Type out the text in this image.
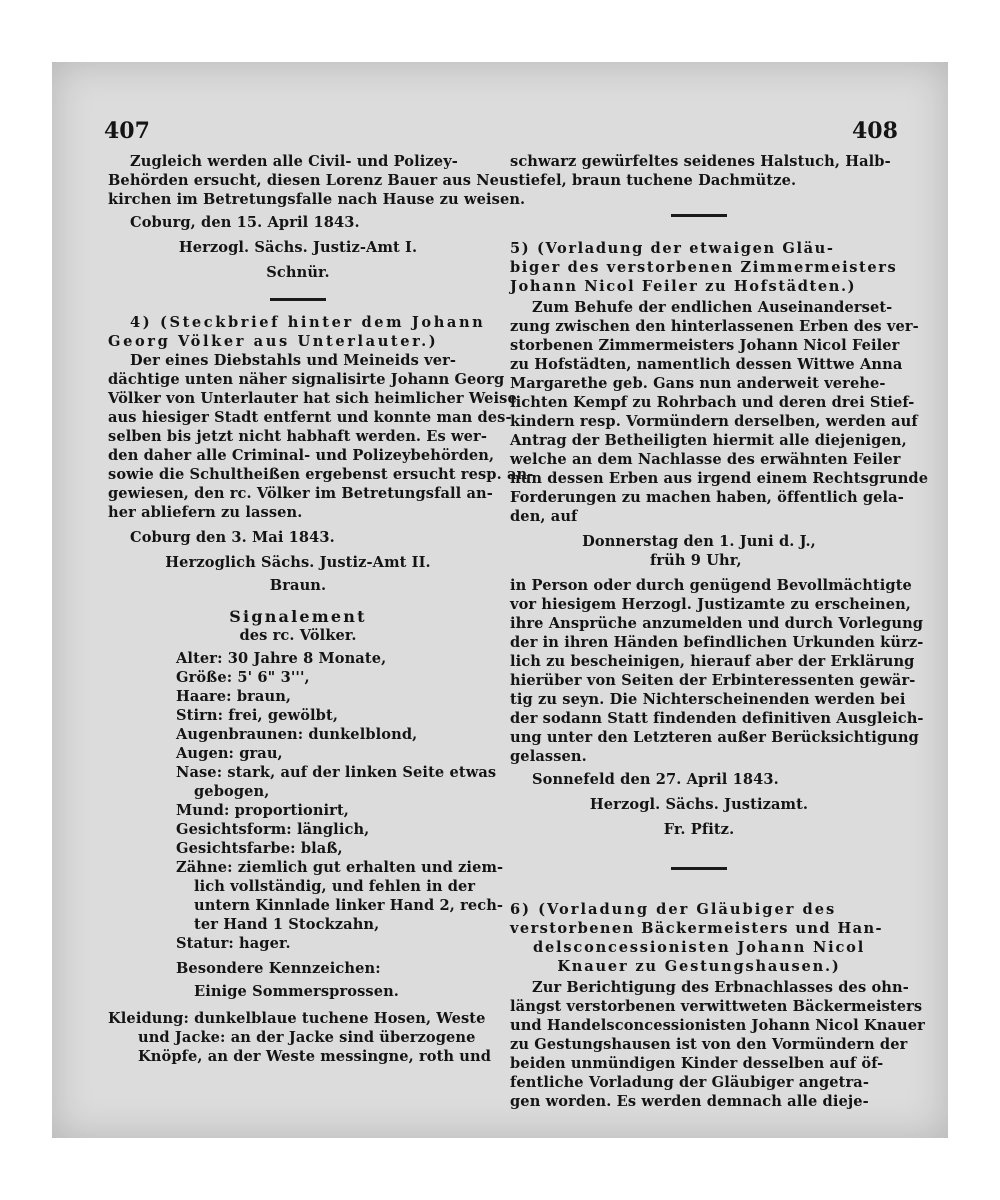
407	408
Zugleich werden alle Civil- und Polizey-
Behörden ersucht, diesen Lorenz Bauer aus Neu-
kirchen im Betretungsfalle nach Hause zu weisen.
Coburg, den 15. April 1843.
Herzogl. Sächs. Justiz-Amt I.
Schnür.
4) (Steckbrief hinter dem Johann
Georg Völker aus Unterlauter.)
Der eines Diebstahls und Meineids ver-
dächtige unten näher signalisirte Johann Georg
Völker von Unterlauter hat sich heimlicher Weise
aus hiesiger Stadt entfernt und konnte man des-
selben bis jetzt nicht habhaft werden. Es wer-
den daher alle Criminal- und Polizeybehörden,
sowie die Schultheißen ergebenst ersucht resp. an-
gewiesen, den rc. Völker im Betretungsfall an-
her abliefern zu lassen.
Coburg den 3. Mai 1843.
Herzoglich Sächs. Justiz-Amt II.
Braun.
Signalement
des rc. Völker.
Alter: 30 Jahre 8 Monate,
Größe: 5' 6" 3''',
Haare: braun,
Stirn: frei, gewölbt,
Augenbraunen: dunkelblond,
Augen: grau,
Nase: stark, auf der linken Seite etwas
gebogen,
Mund: proportionirt,
Gesichtsform: länglich,
Gesichtsfarbe: blaß,
Zähne: ziemlich gut erhalten und ziem-
lich vollständig, und fehlen in der
untern Kinnlade linker Hand 2, rech-
ter Hand 1 Stockzahn,
Statur: hager.
Besondere Kennzeichen:
Einige Sommersprossen.
Kleidung: dunkelblaue tuchene Hosen, Weste
und Jacke: an der Jacke sind überzogene
Knöpfe, an der Weste messingne, roth und
schwarz gewürfeltes seidenes Halstuch, Halb-
stiefel, braun tuchene Dachmütze.
5) (Vorladung der etwaigen Gläu-
biger des verstorbenen Zimmermeisters
Johann Nicol Feiler zu Hofstädten.)
Zum Behufe der endlichen Auseinanderset-
zung zwischen den hinterlassenen Erben des ver-
storbenen Zimmermeisters Johann Nicol Feiler
zu Hofstädten, namentlich dessen Wittwe Anna
Margarethe geb. Gans nun anderweit verehe-
lichten Kempf zu Rohrbach und deren drei Stief-
kindern resp. Vormündern derselben, werden auf
Antrag der Betheiligten hiermit alle diejenigen,
welche an dem Nachlasse des erwähnten Feiler
nun dessen Erben aus irgend einem Rechtsgrunde
Forderungen zu machen haben, öffentlich gela-
den, auf
Donnerstag den 1. Juni d. J.,
früh 9 Uhr,
in Person oder durch genügend Bevollmächtigte
vor hiesigem Herzogl. Justizamte zu erscheinen,
ihre Ansprüche anzumelden und durch Vorlegung
der in ihren Händen befindlichen Urkunden kürz-
lich zu bescheinigen, hierauf aber der Erklärung
hierüber von Seiten der Erbinteressenten gewär-
tig zu seyn. Die Nichterscheinenden werden bei
der sodann Statt findenden definitiven Ausgleich-
ung unter den Letzteren außer Berücksichtigung
gelassen.
Sonnefeld den 27. April 1843.
Herzogl. Sächs. Justizamt.
Fr. Pfitz.
6) (Vorladung der Gläubiger des
verstorbenen Bäckermeisters und Han-
delsconcessionisten Johann Nicol
Knauer zu Gestungshausen.)
Zur Berichtigung des Erbnachlasses des ohn-
längst verstorbenen verwittweten Bäckermeisters
und Handelsconcessionisten Johann Nicol Knauer
zu Gestungshausen ist von den Vormündern der
beiden unmündigen Kinder desselben auf öf-
fentliche Vorladung der Gläubiger angetra-
gen worden. Es werden demnach alle dieje-
